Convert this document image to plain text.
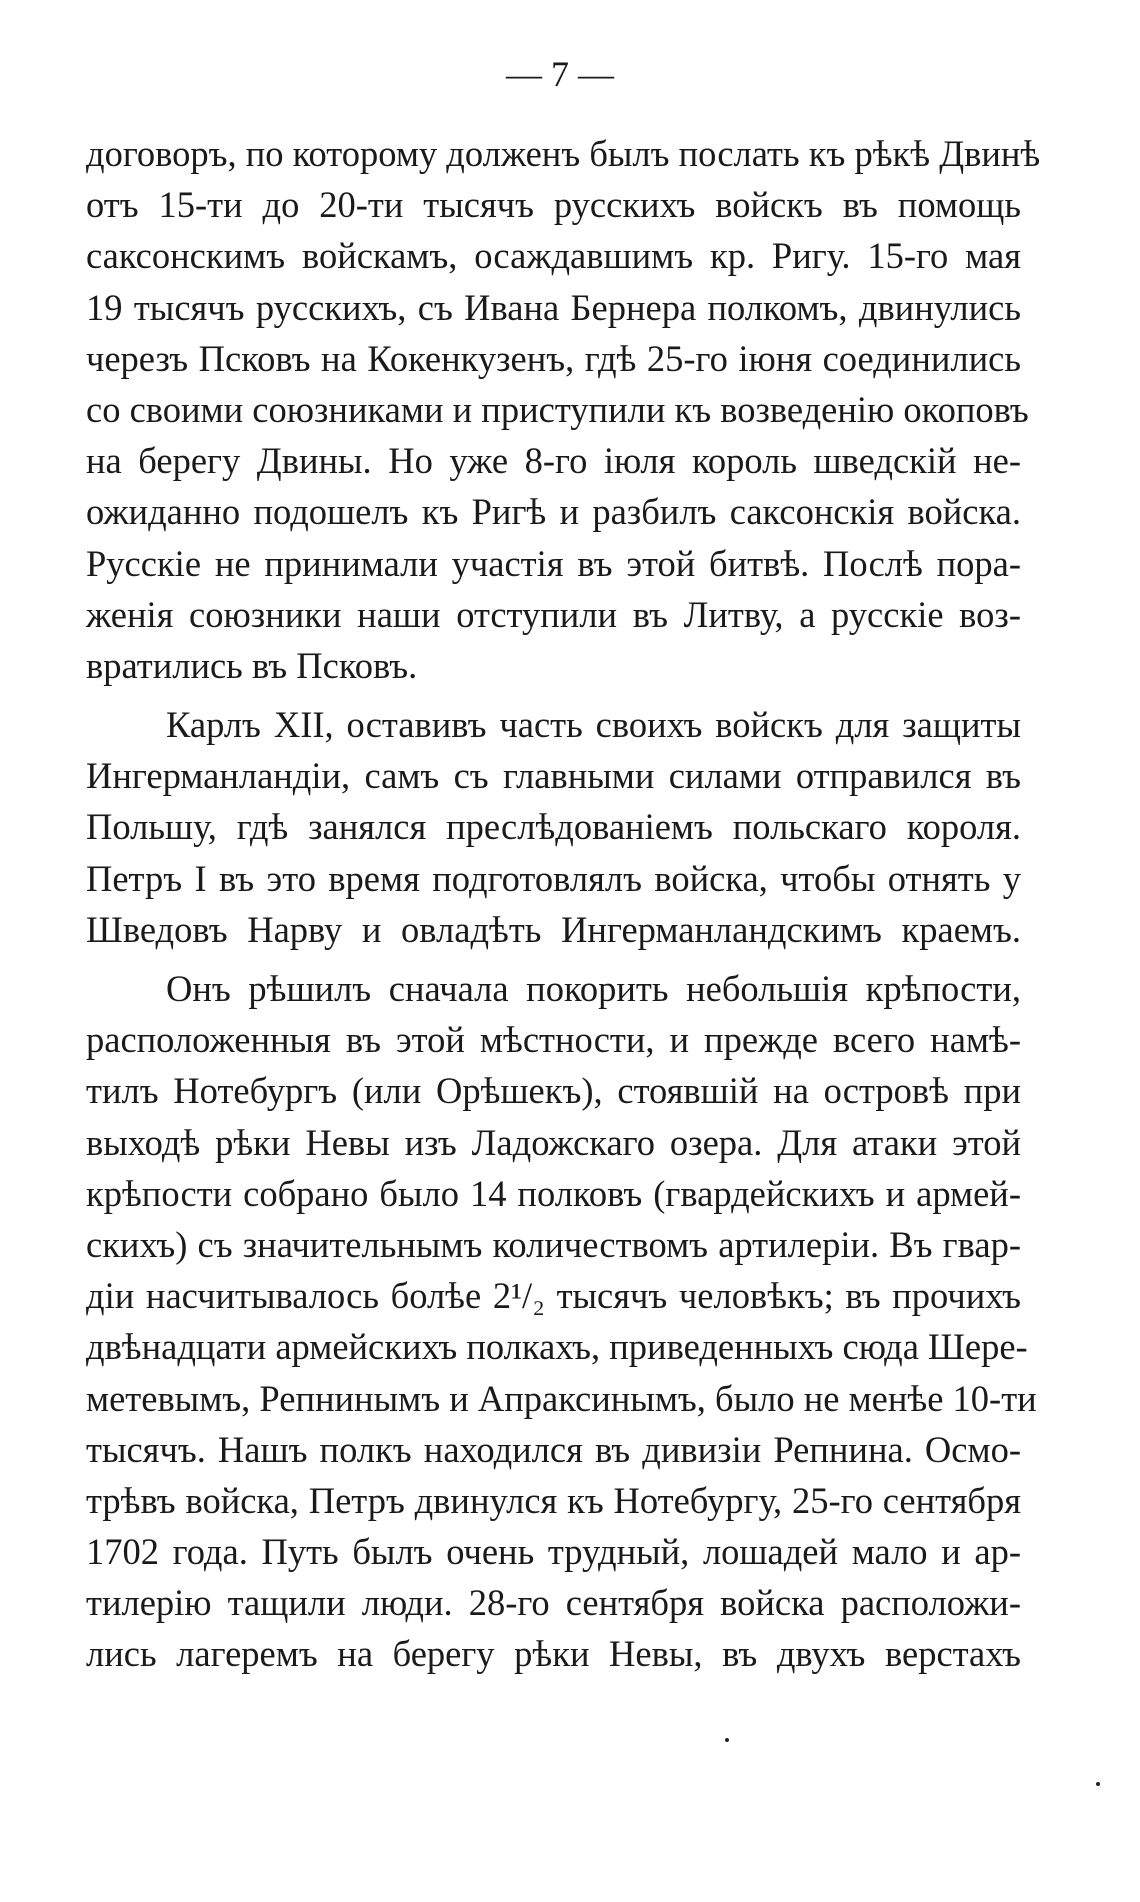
— 7 —

договоръ, по которому долженъ былъ послать къ рѣкѣ Двинѣ
отъ 15-ти до 20-ти тысячъ русскихъ войскъ въ помощь
саксонскимъ войскамъ, осаждавшимъ кр. Ригу. 15-го мая
19 тысячъ русскихъ, съ Ивана Бернера полкомъ, двинулись
черезъ Псковъ на Кокенкузенъ, гдѣ 25-го іюня соединились
со своими союзниками и приступили къ возведенію окоповъ
на берегу Двины. Но уже 8-го іюля король шведскій не-
ожиданно подошелъ къ Ригѣ и разбилъ саксонскія войска.
Русскіе не принимали участія въ этой битвѣ. Послѣ пора-
женія союзники наши отступили въ Литву, а русскіе воз-
вратились въ Псковъ.

Карлъ XII, оставивъ часть своихъ войскъ для защиты
Ингерманландіи, самъ съ главными силами отправился въ
Польшу, гдѣ занялся преслѣдованіемъ польскаго короля.
Петръ I въ это время подготовлялъ войска, чтобы отнять у
Шведовъ Нарву и овладѣть Ингерманландскимъ краемъ.

Онъ рѣшилъ сначала покорить небольшія крѣпости,
расположенныя въ этой мѣстности, и прежде всего намѣ-
тилъ Нотебургъ (или Орѣшекъ), стоявшій на островѣ при
выходѣ рѣки Невы изъ Ладожскаго озера. Для атаки этой
крѣпости собрано было 14 полковъ (гвардейскихъ и армей-
скихъ) съ значительнымъ количествомъ артилеріи. Въ гвар-
діи насчитывалось болѣе 2¹/₂ тысячъ человѣкъ; въ прочихъ
двѣнадцати армейскихъ полкахъ, приведенныхъ сюда Шере-
метевымъ, Репнинымъ и Апраксинымъ, было не менѣе 10-ти
тысячъ. Нашъ полкъ находился въ дивизіи Репнина. Осмо-
трѣвъ войска, Петръ двинулся къ Нотебургу, 25-го сентября
1702 года. Путь былъ очень трудный, лошадей мало и ар-
тилерію тащили люди. 28-го сентября войска расположи-
лись лагеремъ на берегу рѣки Невы, въ двухъ верстахъ
